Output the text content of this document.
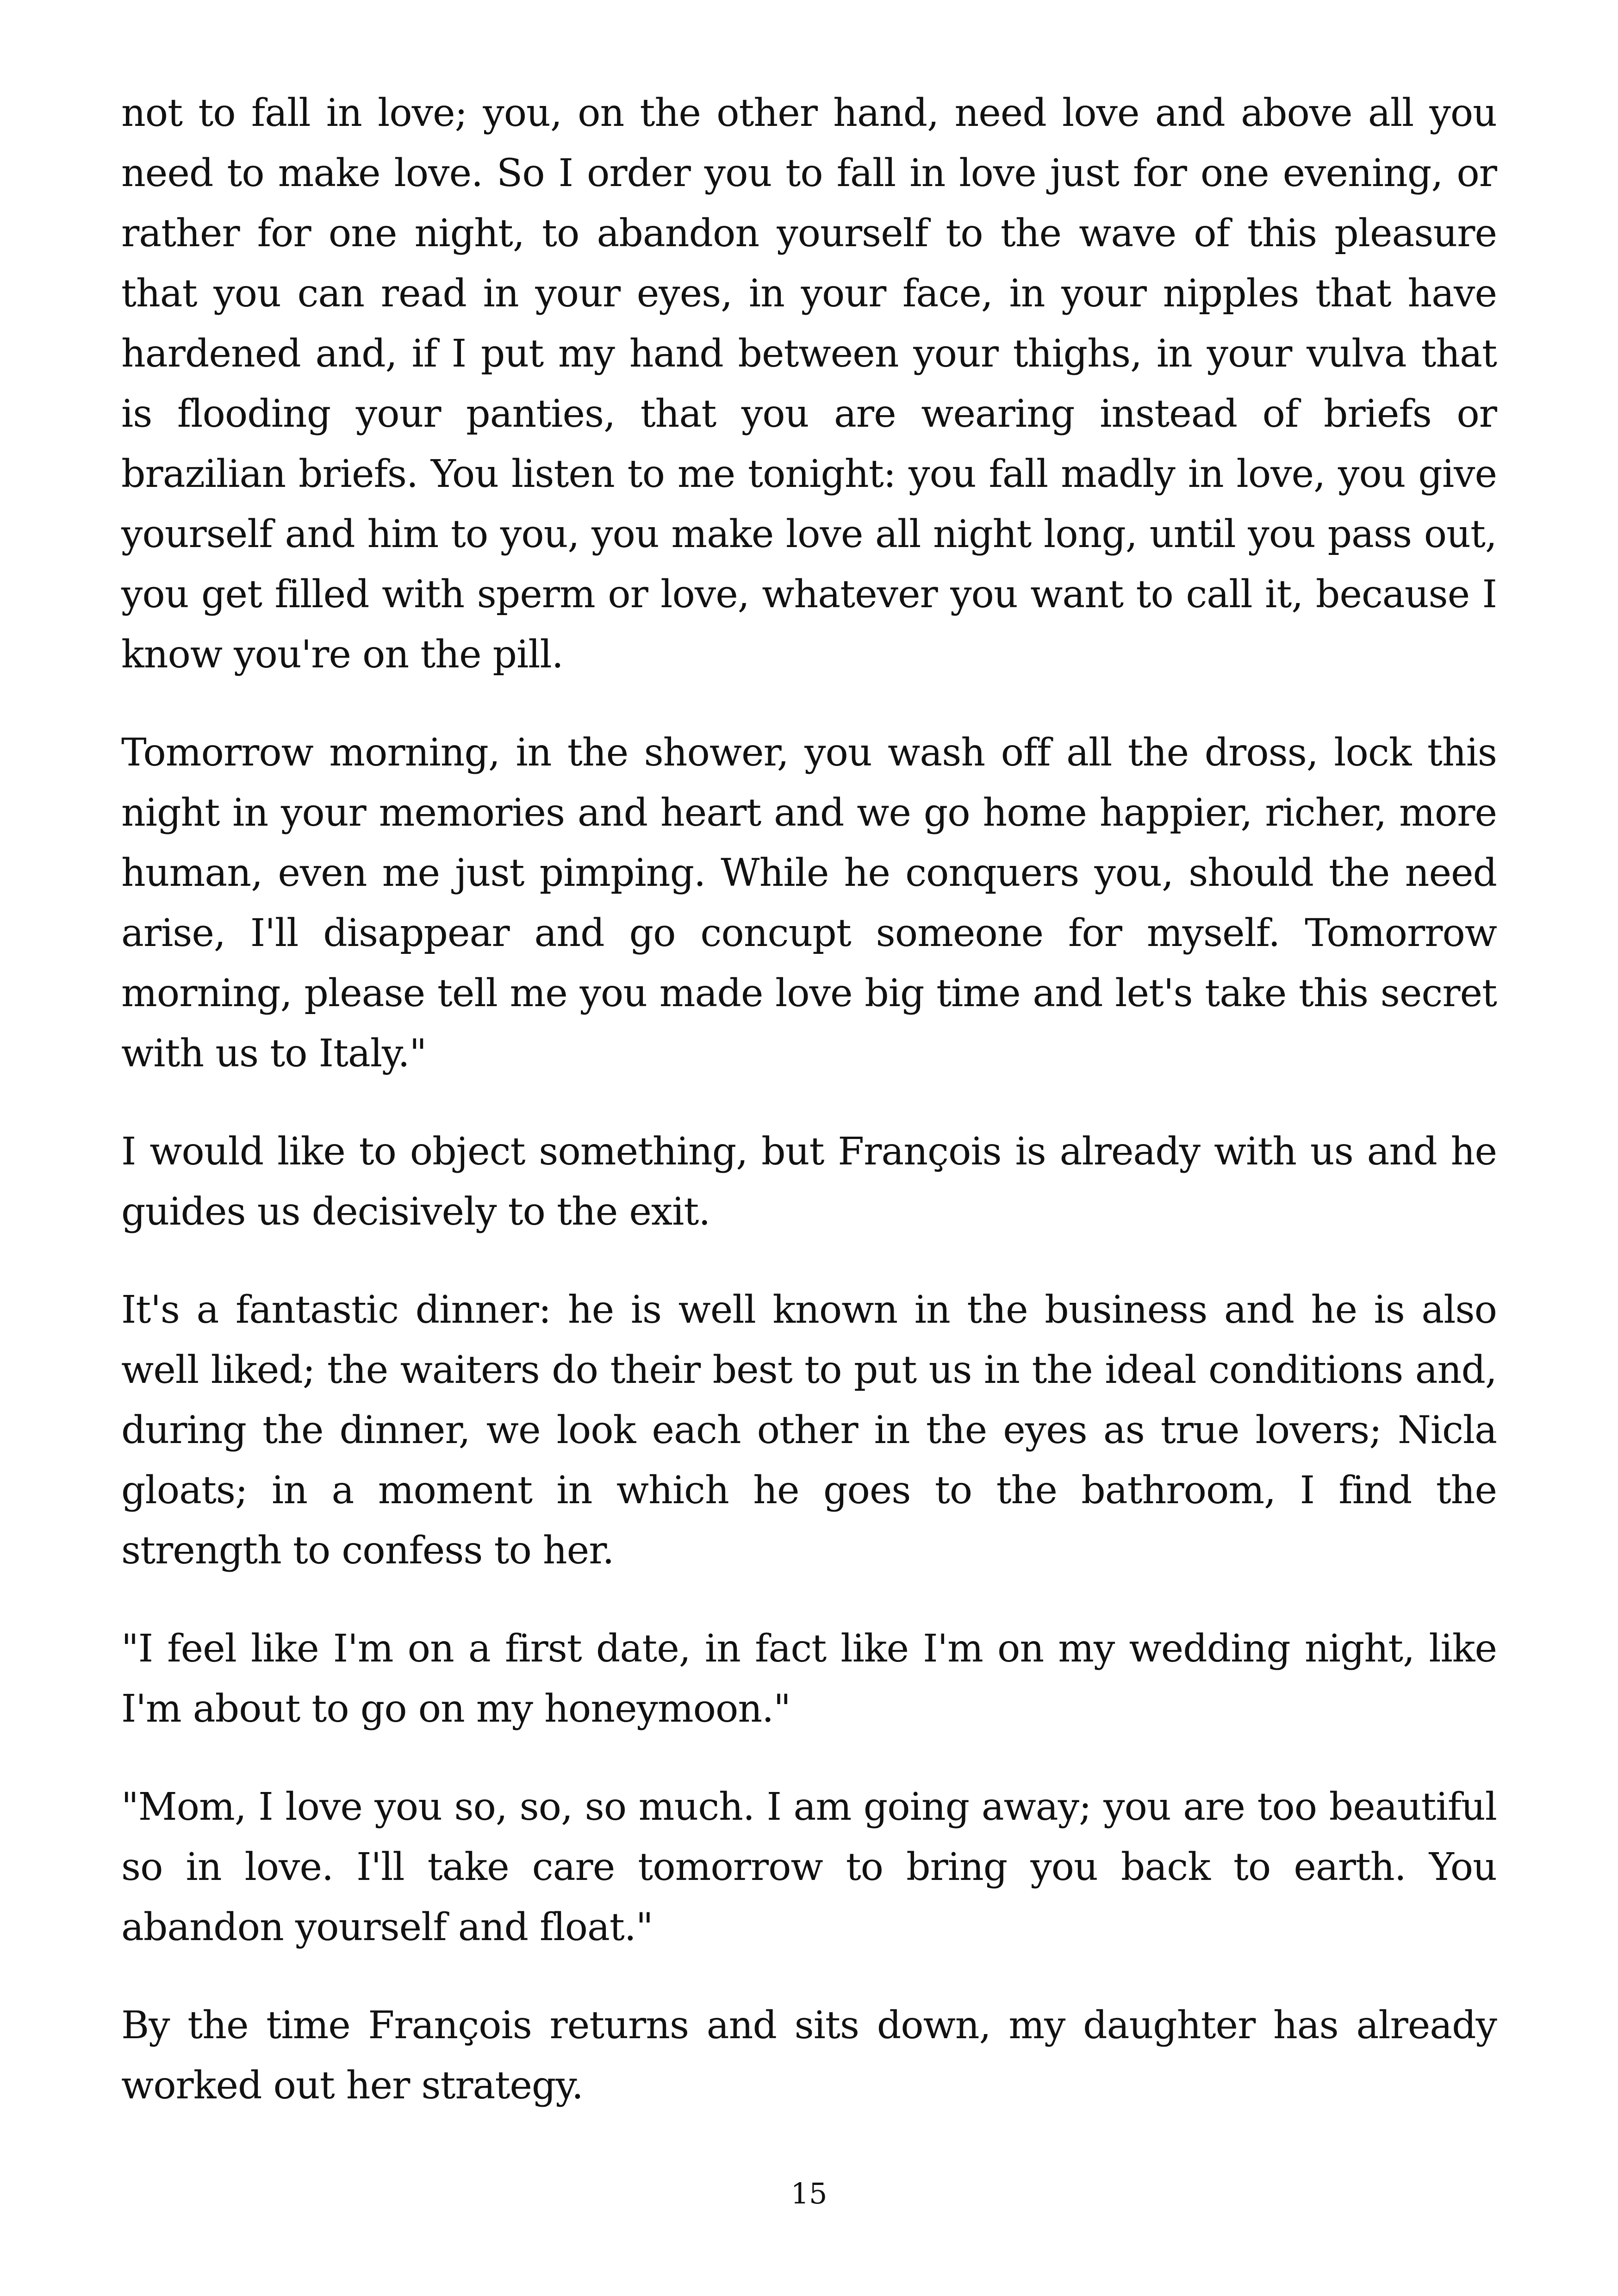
not to fall in love; you, on the other hand, need love and above all you need to make love. So I order you to fall in love just for one evening, or rather for one night, to abandon yourself to the wave of this pleasure that you can read in your eyes, in your face, in your nipples that have hardened and, if I put my hand between your thighs, in your vulva that is flooding your panties, that you are wearing instead of briefs or brazilian briefs. You listen to me tonight: you fall madly in love, you give yourself and him to you, you make love all night long, until you pass out, you get filled with sperm or love, whatever you want to call it, because I know you're on the pill.

Tomorrow morning, in the shower, you wash off all the dross, lock this night in your memories and heart and we go home happier, richer, more human, even me just pimping. While he conquers you, should the need arise, I'll disappear and go concupt someone for myself. Tomorrow morning, please tell me you made love big time and let's take this secret with us to Italy."

I would like to object something, but François is already with us and he guides us decisively to the exit.

It's a fantastic dinner: he is well known in the business and he is also well liked; the waiters do their best to put us in the ideal conditions and, during the dinner, we look each other in the eyes as true lovers; Nicla gloats; in a moment in which he goes to the bathroom, I find the strength to confess to her.

"I feel like I'm on a first date, in fact like I'm on my wedding night, like I'm about to go on my honeymoon."

"Mom, I love you so, so, so much. I am going away; you are too beautiful so in love. I'll take care tomorrow to bring you back to earth. You abandon yourself and float."

By the time François returns and sits down, my daughter has already worked out her strategy.

15
